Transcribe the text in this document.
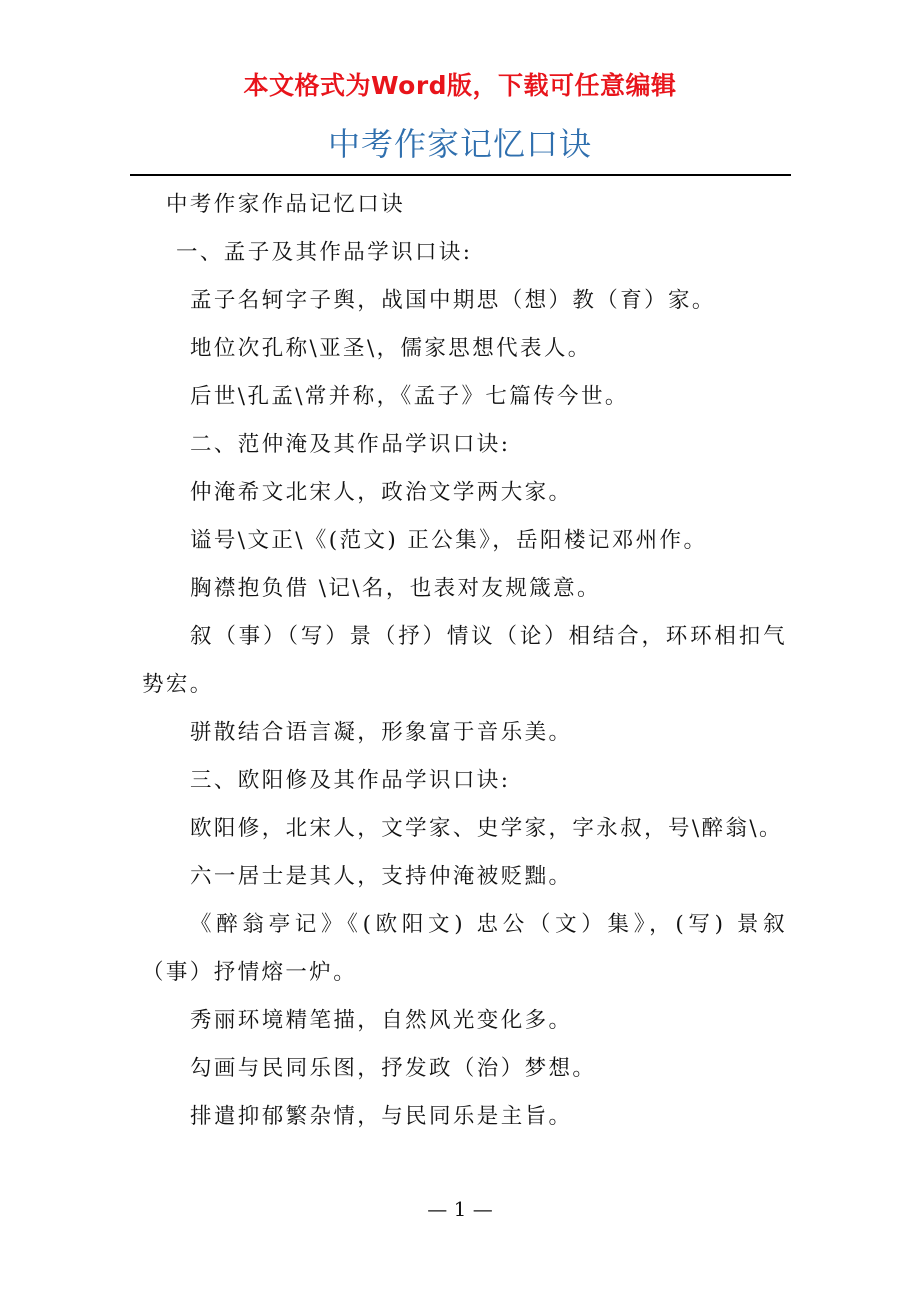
本文格式为Word版，下载可任意编辑
中考作家记忆口诀

中考作家作品记忆口诀

一、孟子及其作品学识口诀:

孟子名轲字子舆，战国中期思（想）教（育）家。

地位次孔称\亚圣\，儒家思想代表人。

后世\孔孟\常并称，《孟子》七篇传今世。

二、范仲淹及其作品学识口诀:

仲淹希文北宋人，政治文学两大家。

谥号\文正\《(范文) 正公集》，岳阳楼记邓州作。

胸襟抱负借 \记\名，也表对友规箴意。

叙（事）（写）景（抒）情议（论）相结合，环环相扣气势宏。

骈散结合语言凝，形象富于音乐美。

三、欧阳修及其作品学识口诀:

欧阳修，北宋人，文学家、史学家，字永叔，号\醉翁\。

六一居士是其人，支持仲淹被贬黜。

《醉翁亭记》《(欧阳文) 忠公（文）集》，(写) 景叙（事）抒情熔一炉。

秀丽环境精笔描，自然风光变化多。

勾画与民同乐图，抒发政（治）梦想。

排遣抑郁繁杂情，与民同乐是主旨。

— 1 —
